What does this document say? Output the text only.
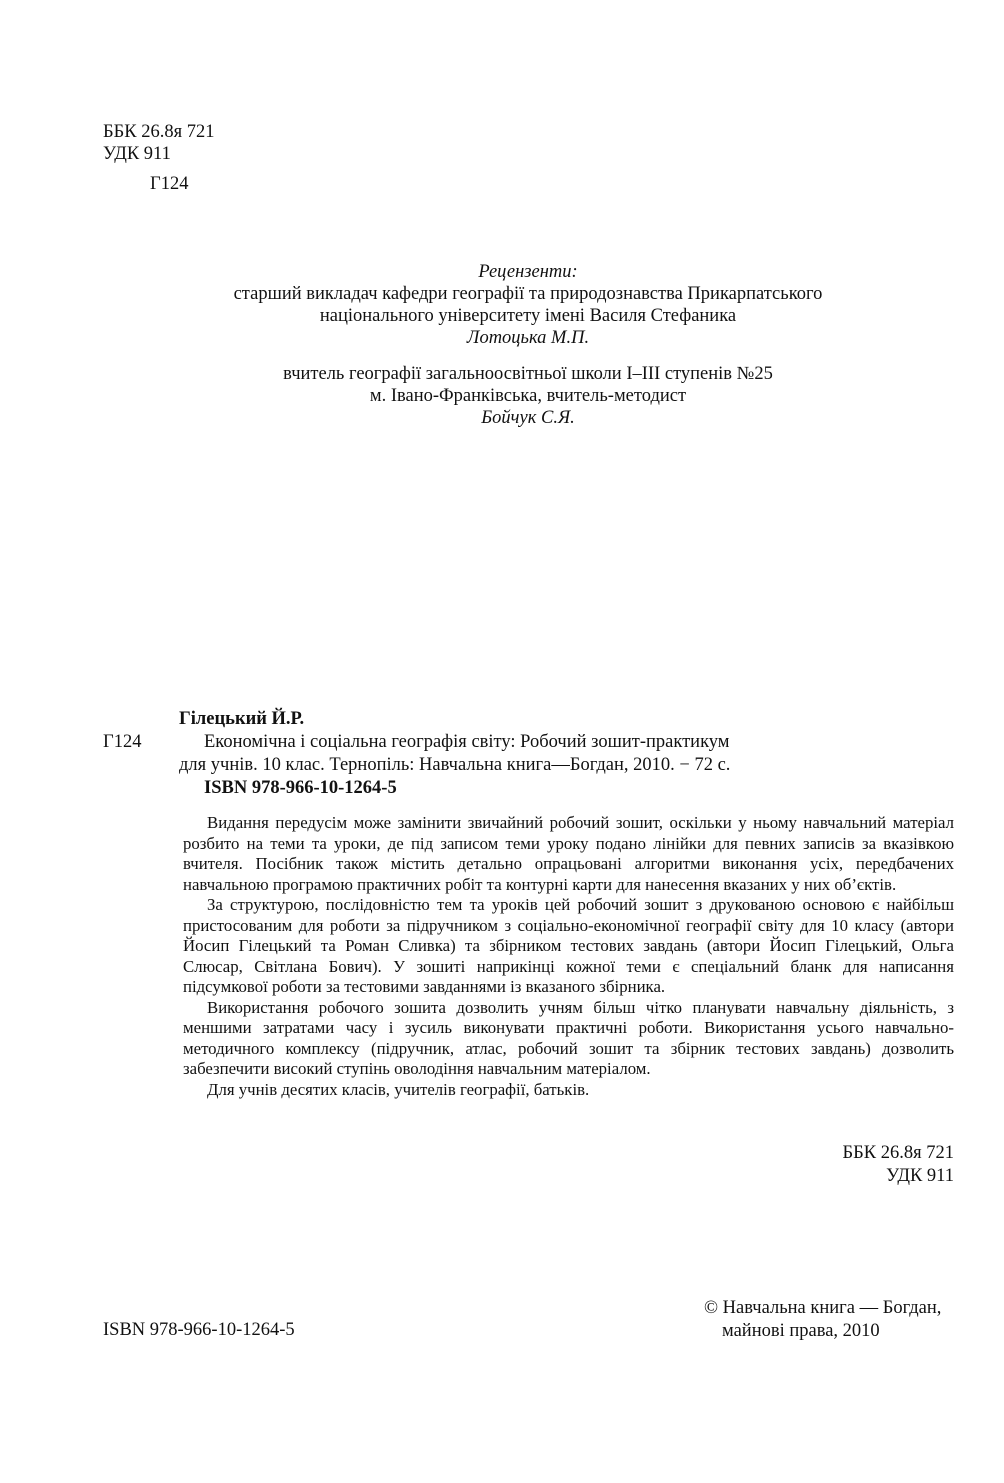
ББК 26.8я 721
УДК 911
Г124
Рецензенти:
старший викладач кафедри географії та природознавства Прикарпатського
національного університету імені Василя Стефаника
Лотоцька М.П.
вчитель географії загальноосвітньої школи I–III ступенів №25
м. Івано-Франківська, вчитель-методист
Бойчук С.Я.
Гілецький Й.Р.
Г124	Економічна і соціальна географія світу: Робочий зошит-практикум
для учнів. 10 клас. Тернопіль: Навчальна книга—Богдан, 2010. − 72 с.
ISBN 978-966-10-1264-5

Видання передусім може замінити звичайний робочий зошит, оскільки у ньому навчальний матеріал розбито на теми та уроки, де під записом теми уроку подано лінійки для певних записів за вказівкою вчителя. Посібник також містить детально опрацьовані алгоритми виконання усіх, передбачених навчальною програмою практичних робіт та контурні карти для нанесення вказаних у них об’єктів.

За структурою, послідовністю тем та уроків цей робочий зошит з друкованою основою є найбільш пристосованим для роботи за підручником з соціально-економічної географії світу для 10 класу (автори Йосип Гілецький та Роман Сливка) та збірником тестових завдань (автори Йосип Гілецький, Ольга Слюсар, Світлана Бович). У зошиті наприкінці кожної теми є спеціальний бланк для написання підсумкової роботи за тестовими завданнями із вказаного збірника.

Використання робочого зошита дозволить учням більш чітко планувати навчальну діяльність, з меншими затратами часу і зусиль виконувати практичні роботи. Використання усього навчально-методичного комплексу (підручник, атлас, робочий зошит та збірник тестових завдань) дозволить забезпечити високий ступінь оволодіння навчальним матеріалом.

Для учнів десятих класів, учителів географії, батьків.

ББК 26.8я 721
УДК 911
ISBN 978-966-10-1264-5
© Навчальна книга — Богдан,
майнові права, 2010
